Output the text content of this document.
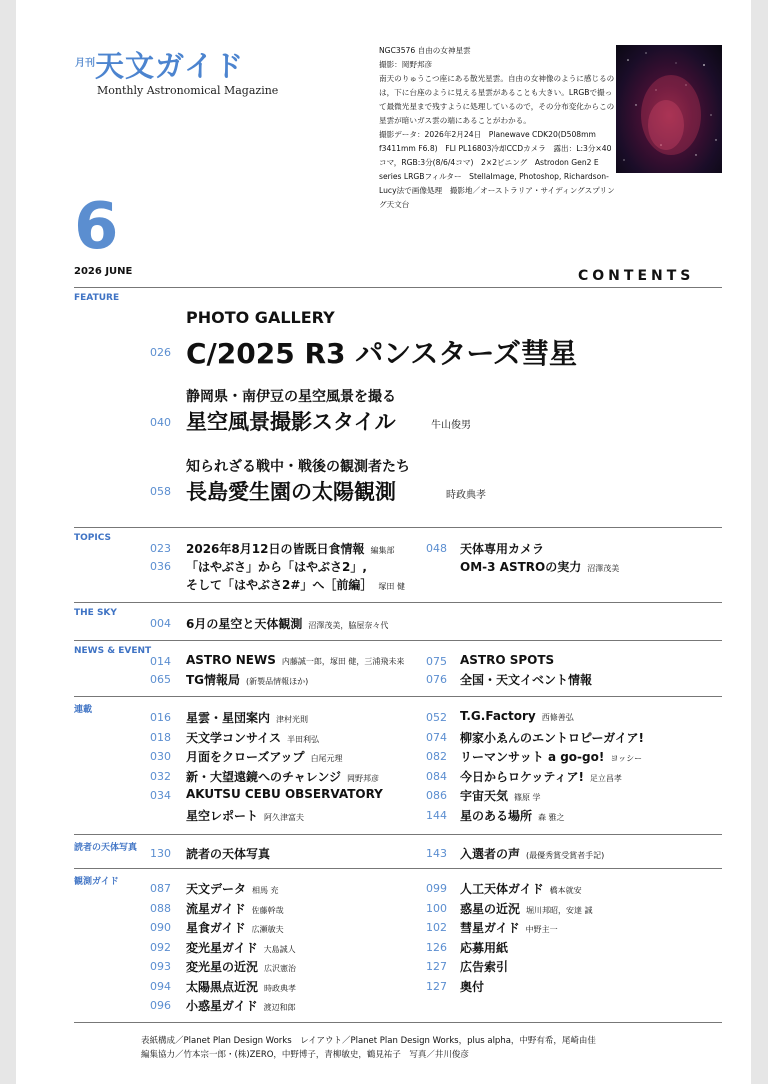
月刊 天文ガイド
Monthly Astronomical Magazine
NGC3576 自由の女神星雲
撮影：岡野邦彦
南天のりゅうこつ座にある散光星雲。自由の女神像のように感じるのは，下に台座のように見える星雲があることも大きい。LRGBで撮って最微光星まで残すように処理しているので，その分布変化からこの星雲が暗いガス雲の端にあることがわかる。
撮影データ：2026年2月24日　Planewave CDK20(D508mm f3411mm F6.8)　FLI PL16803冷却CCDカメラ　露出：L:3分×40コマ，RGB:3分(8/6/4コマ)　2×2ビニング　Astrodon Gen2 E series LRGBフィルター　StellaImage, Photoshop, Richardson-Lucy法で画像処理　撮影地／オーストラリア・サイディングスプリング天文台
6
2026 JUNE	CONTENTS
FEATURE
PHOTO GALLERY
026 C/2025 R3 パンスターズ彗星
静岡県・南伊豆の星空風景を撮る
040 星空風景撮影スタイル	牛山俊男
知られざる戦中・戦後の観測者たち
058 長島愛生園の太陽観測	時政典孝
TOPICS
023 2026年8月12日の皆既日食情報 編集部
036 「はやぶさ」から「はやぶさ2」,
そして「はやぶさ2#」へ［前編］ 塚田 健
048 天体専用カメラ
OM-3 ASTROの実力 沼澤茂美
THE SKY
004 6月の星空と天体観測 沼澤茂美，脇屋奈々代
NEWS & EVENT
014 ASTRO NEWS 内藤誠一郎，塚田 健，三浦飛未来
065 TG情報局 (新製品情報ほか)
075 ASTRO SPOTS
076 全国・天文イベント情報
連載
016 星雲・星団案内 津村光則
018 天文学コンサイス 半田利弘
030 月面をクローズアップ 白尾元理
032 新・大望遠鏡へのチャレンジ 岡野邦彦
034 AKUTSU CEBU OBSERVATORY
星空レポート 阿久津富夫
052 T.G.Factory 西條善弘
074 柳家小ゑんのエントロピーガイア!
082 リーマンサット a go-go! ヨッシー
084 今日からロケッティア! 足立昌孝
086 宇宙天気 篠原 学
144 星のある場所 森 雅之
読者の天体写真 130 読者の天体写真	143 入選者の声 (最優秀賞受賞者手記)
観測ガイド	087 天文データ 相馬 充
088 流星ガイド 佐藤幹哉
090 星食ガイド 広瀬敏夫
092 変光星ガイド 大島誠人
093 変光星の近況 広沢憲治
094 太陽黒点近況 時政典孝
096 小惑星ガイド 渡辺和郎
099 人工天体ガイド 橋本就安
100 惑星の近況 堀川邦昭，安達 誠
102 彗星ガイド 中野主一
126 応募用紙
127 広告索引
127 奥付
表紙構成／Planet Plan Design Works　レイアウト／Planet Plan Design Works，plus alpha，中野有希，尾崎由佳
編集協力／竹本宗一郎・(株)ZERO，中野博子，青柳敏史，鶴見祐子　写真／井川俊彦
